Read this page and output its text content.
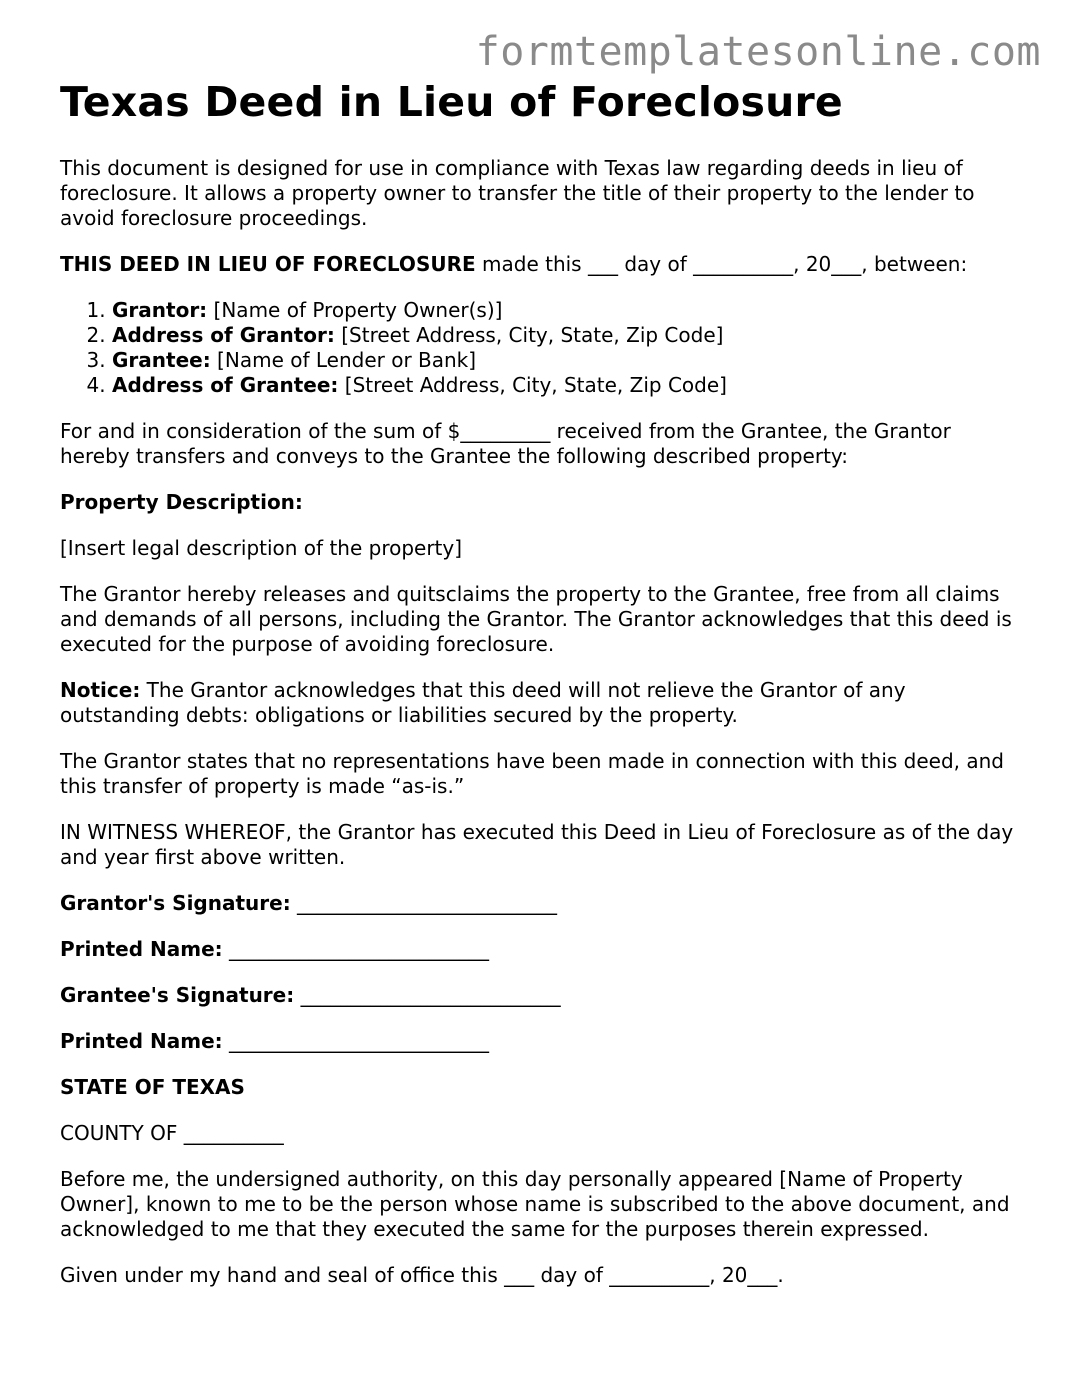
formtemplatesonline.com
Texas Deed in Lieu of Foreclosure

This document is designed for use in compliance with Texas law regarding deeds in lieu of foreclosure. It allows a property owner to transfer the title of their property to the lender to avoid foreclosure proceedings.

THIS DEED IN LIEU OF FORECLOSURE made this ___ day of __________, 20___, between:

1. Grantor: [Name of Property Owner(s)]
2. Address of Grantor: [Street Address, City, State, Zip Code]
3. Grantee: [Name of Lender or Bank]
4. Address of Grantee: [Street Address, City, State, Zip Code]

For and in consideration of the sum of $_________ received from the Grantee, the Grantor hereby transfers and conveys to the Grantee the following described property:

Property Description:

[Insert legal description of the property]

The Grantor hereby releases and quitsclaims the property to the Grantee, free from all claims and demands of all persons, including the Grantor. The Grantor acknowledges that this deed is executed for the purpose of avoiding foreclosure.

Notice: The Grantor acknowledges that this deed will not relieve the Grantor of any outstanding debts: obligations or liabilities secured by the property.

The Grantor states that no representations have been made in connection with this deed, and this transfer of property is made “as-is.”

IN WITNESS WHEREOF, the Grantor has executed this Deed in Lieu of Foreclosure as of the day and year first above written.

Grantor's Signature: __________________________

Printed Name: __________________________

Grantee's Signature: __________________________

Printed Name: __________________________

STATE OF TEXAS

COUNTY OF __________

Before me, the undersigned authority, on this day personally appeared [Name of Property Owner], known to me to be the person whose name is subscribed to the above document, and acknowledged to me that they executed the same for the purposes therein expressed.

Given under my hand and seal of office this ___ day of __________, 20___.
